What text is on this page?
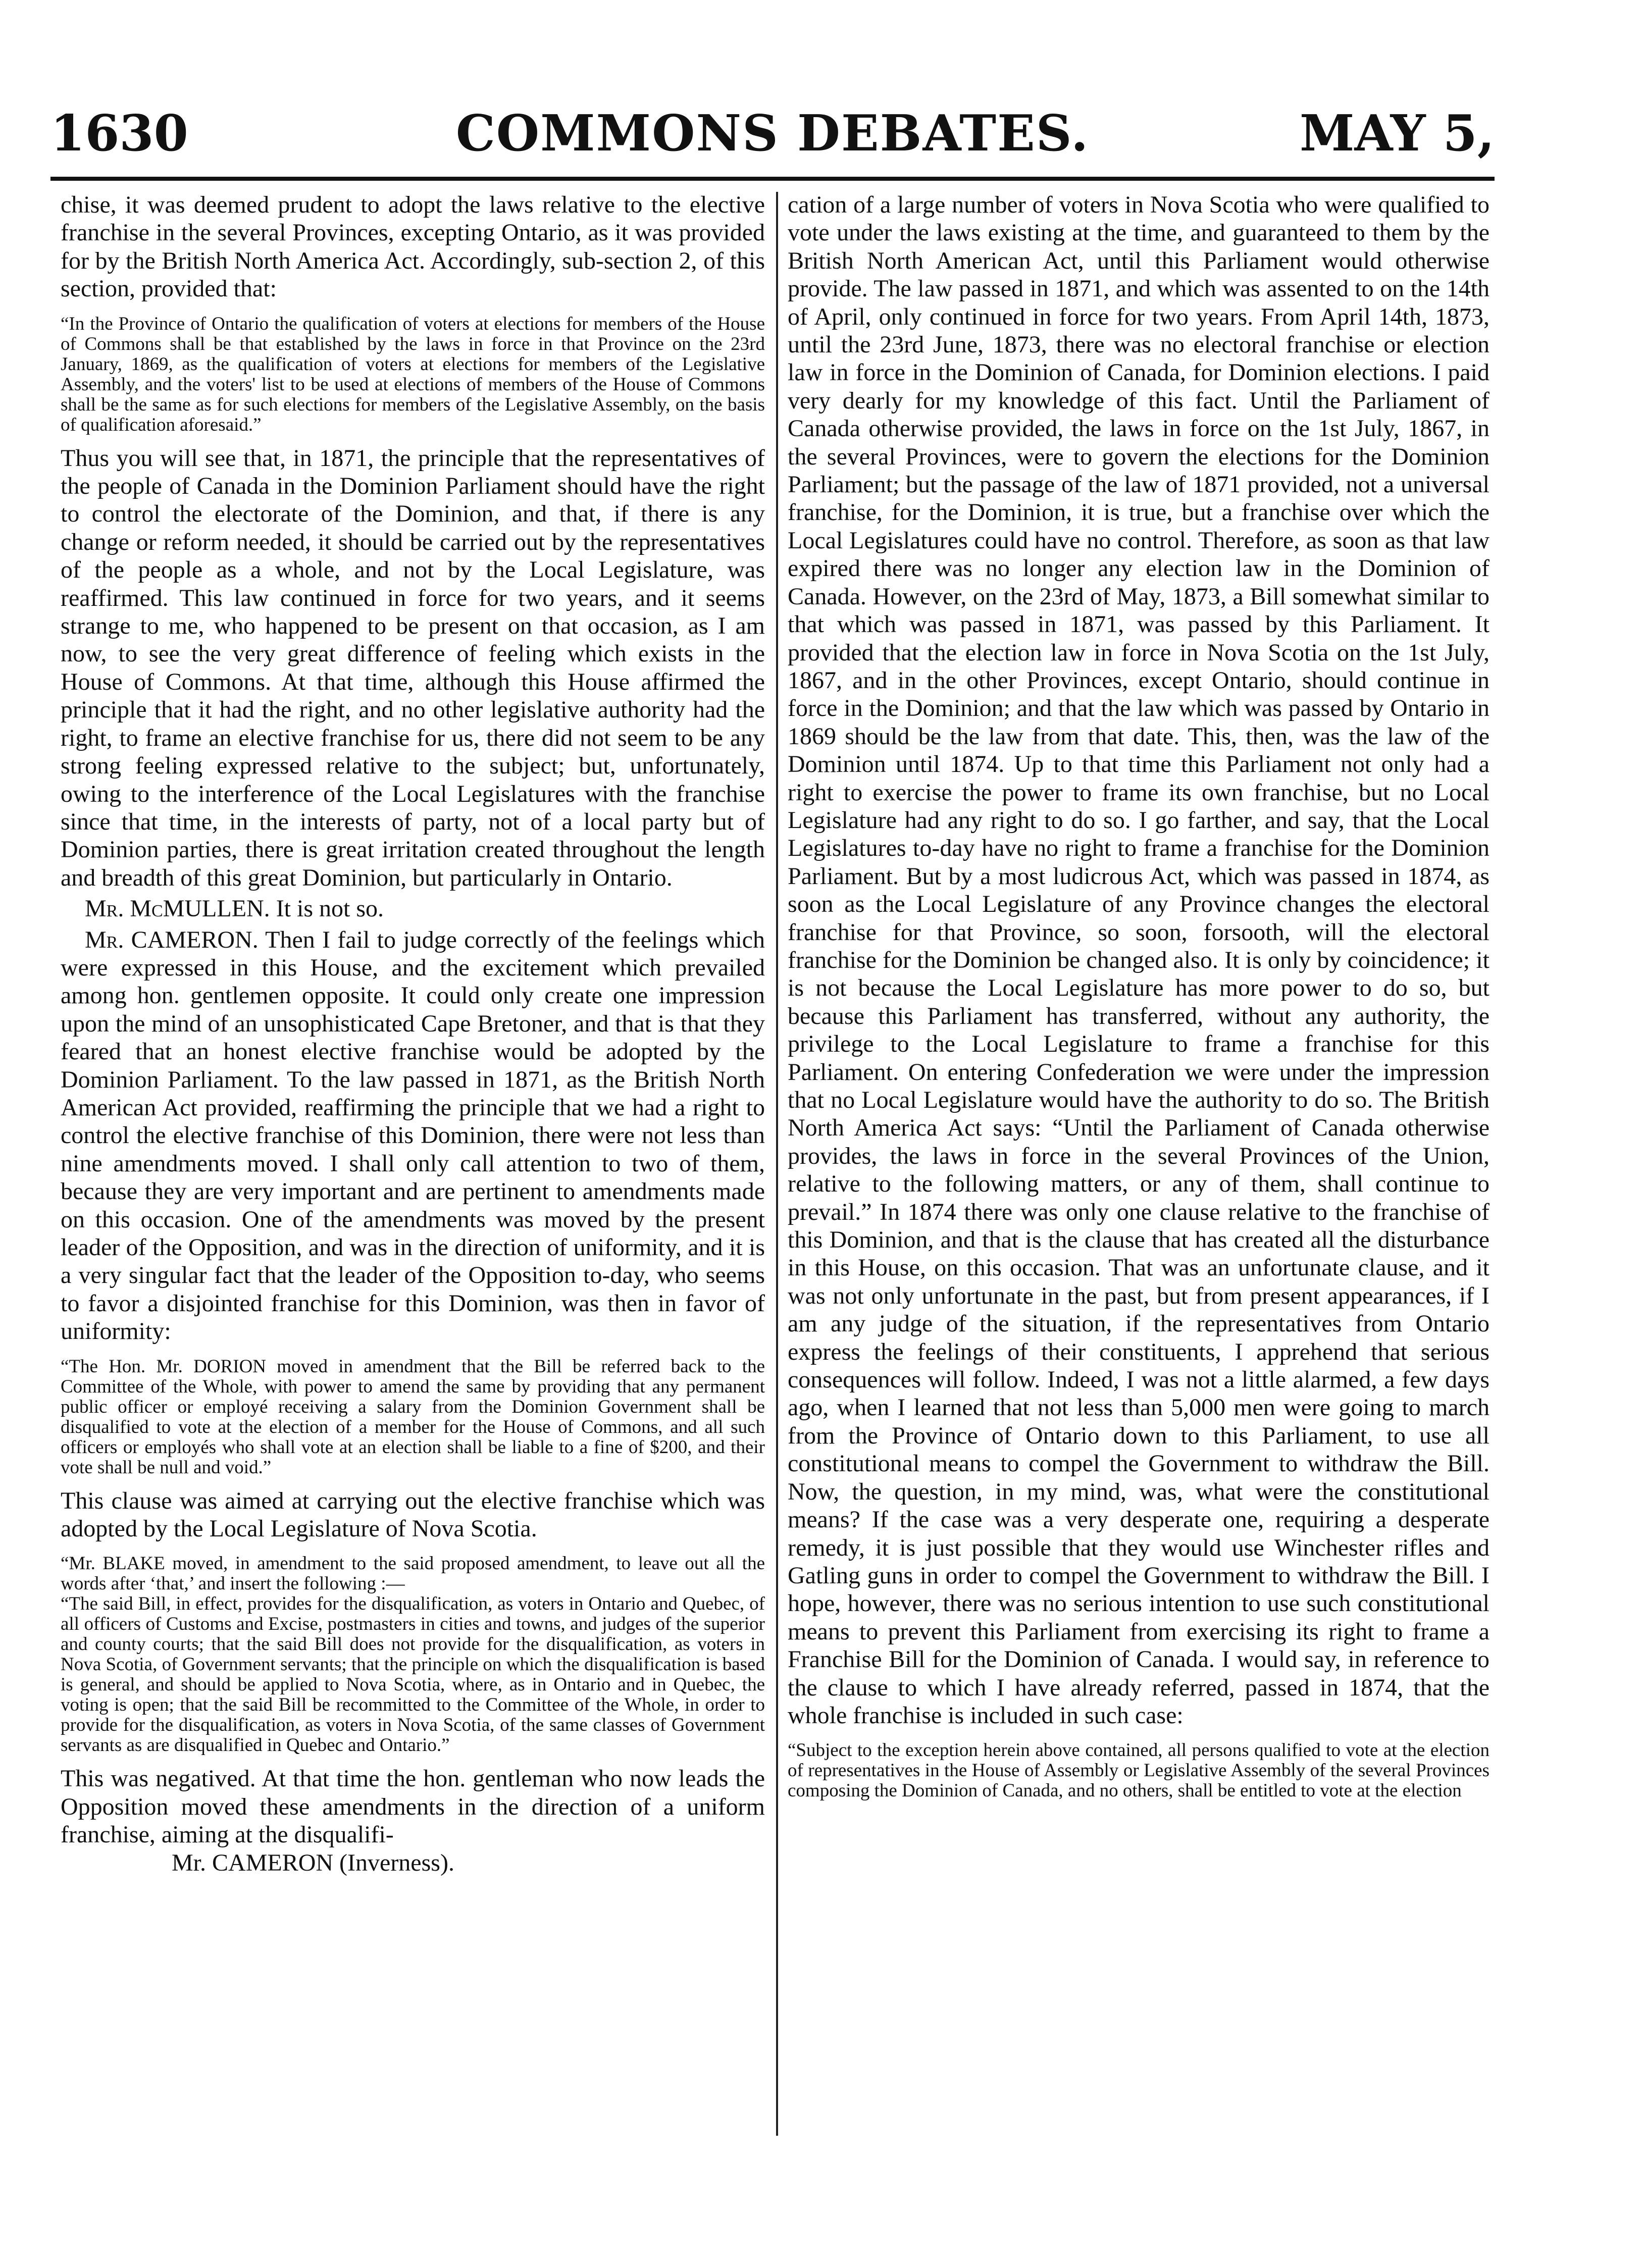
1630	COMMONS DEBATES.	MAY 5,

chise, it was deemed prudent to adopt the laws relative to the elective franchise in the several Provinces, excepting Ontario, as it was provided for by the British North America Act. Accordingly, sub-section 2, of this section, provided that:

“In the Province of Ontario the qualification of voters at elections for members of the House of Commons shall be that established by the laws in force in that Province on the 23rd January, 1869, as the qualification of voters at elections for members of the Legislative Assembly, and the voters' list to be used at elections of members of the House of Commons shall be the same as for such elections for members of the Legislative Assembly, on the basis of qualification aforesaid.”

Thus you will see that, in 1871, the principle that the representatives of the people of Canada in the Dominion Parliament should have the right to control the electorate of the Dominion, and that, if there is any change or reform needed, it should be carried out by the representatives of the people as a whole, and not by the Local Legislature, was reaffirmed. This law continued in force for two years, and it seems strange to me, who happened to be present on that occasion, as I am now, to see the very great difference of feeling which exists in the House of Commons. At that time, although this House affirmed the principle that it had the right, and no other legislative authority had the right, to frame an elective franchise for us, there did not seem to be any strong feeling expressed relative to the subject; but, unfortunately, owing to the interference of the Local Legislatures with the franchise since that time, in the interests of party, not of a local party but of Dominion parties, there is great irritation created throughout the length and breadth of this great Dominion, but particularly in Ontario.

 Mr. McMULLEN. It is not so.

 Mr. CAMERON. Then I fail to judge correctly of the feelings which were expressed in this House, and the excitement which prevailed among hon. gentlemen opposite. It could only create one impression upon the mind of an unsophisticated Cape Bretoner, and that is that they feared that an honest elective franchise would be adopted by the Dominion Parliament. To the law passed in 1871, as the British North American Act provided, reaffirming the principle that we had a right to control the elective franchise of this Dominion, there were not less than nine amendments moved. I shall only call attention to two of them, because they are very important and are pertinent to amendments made on this occasion. One of the amendments was moved by the present leader of the Opposition, and was in the direction of uniformity, and it is a very singular fact that the leader of the Opposition to-day, who seems to favor a disjointed franchise for this Dominion, was then in favor of uniformity:

“The Hon. Mr. DORION moved in amendment that the Bill be referred back to the Committee of the Whole, with power to amend the same by providing that any permanent public officer or employé receiving a salary from the Dominion Government shall be disqualified to vote at the election of a member for the House of Commons, and all such officers or employés who shall vote at an election shall be liable to a fine of $200, and their vote shall be null and void.”

This clause was aimed at carrying out the elective franchise which was adopted by the Local Legislature of Nova Scotia.

“Mr. BLAKE moved, in amendment to the said proposed amendment, to leave out all the words after ‘that,’ and insert the following :—

“The said Bill, in effect, provides for the disqualification, as voters in Ontario and Quebec, of all officers of Customs and Excise, postmasters in cities and towns, and judges of the superior and county courts; that the said Bill does not provide for the disqualification, as voters in Nova Scotia, of Government servants; that the principle on which the disqualification is based is general, and should be applied to Nova Scotia, where, as in Ontario and in Quebec, the voting is open; that the said Bill be recommitted to the Committee of the Whole, in order to provide for the disqualification, as voters in Nova Scotia, of the same classes of Government servants as are disqualified in Quebec and Ontario.”

This was negatived. At that time the hon. gentleman who now leads the Opposition moved these amendments in the direction of a uniform franchise, aiming at the disqualifi-

Mr. CAMERON (Inverness).

cation of a large number of voters in Nova Scotia who were qualified to vote under the laws existing at the time, and guaranteed to them by the British North American Act, until this Parliament would otherwise provide. The law passed in 1871, and which was assented to on the 14th of April, only continued in force for two years. From April 14th, 1873, until the 23rd June, 1873, there was no electoral franchise or election law in force in the Dominion of Canada, for Dominion elections. I paid very dearly for my knowledge of this fact. Until the Parliament of Canada otherwise provided, the laws in force on the 1st July, 1867, in the several Provinces, were to govern the elections for the Dominion Parliament; but the passage of the law of 1871 provided, not a universal franchise, for the Dominion, it is true, but a franchise over which the Local Legislatures could have no control. Therefore, as soon as that law expired there was no longer any election law in the Dominion of Canada. However, on the 23rd of May, 1873, a Bill somewhat similar to that which was passed in 1871, was passed by this Parliament. It provided that the election law in force in Nova Scotia on the 1st July, 1867, and in the other Provinces, except Ontario, should continue in force in the Dominion; and that the law which was passed by Ontario in 1869 should be the law from that date. This, then, was the law of the Dominion until 1874. Up to that time this Parliament not only had a right to exercise the power to frame its own franchise, but no Local Legislature had any right to do so. I go farther, and say, that the Local Legislatures to-day have no right to frame a franchise for the Dominion Parliament. But by a most ludicrous Act, which was passed in 1874, as soon as the Local Legislature of any Province changes the electoral franchise for that Province, so soon, forsooth, will the electoral franchise for the Dominion be changed also. It is only by coincidence; it is not because the Local Legislature has more power to do so, but because this Parliament has transferred, without any authority, the privilege to the Local Legislature to frame a franchise for this Parliament. On entering Confederation we were under the impression that no Local Legislature would have the authority to do so. The British North America Act says: “Until the Parliament of Canada otherwise provides, the laws in force in the several Provinces of the Union, relative to the following matters, or any of them, shall continue to prevail.” In 1874 there was only one clause relative to the franchise of this Dominion, and that is the clause that has created all the disturbance in this House, on this occasion. That was an unfortunate clause, and it was not only unfortunate in the past, but from present appearances, if I am any judge of the situation, if the representatives from Ontario express the feelings of their constituents, I apprehend that serious consequences will follow. Indeed, I was not a little alarmed, a few days ago, when I learned that not less than 5,000 men were going to march from the Province of Ontario down to this Parliament, to use all constitutional means to compel the Government to withdraw the Bill. Now, the question, in my mind, was, what were the constitutional means? If the case was a very desperate one, requiring a desperate remedy, it is just possible that they would use Winchester rifles and Gatling guns in order to compel the Government to withdraw the Bill. I hope, however, there was no serious intention to use such constitutional means to prevent this Parliament from exercising its right to frame a Franchise Bill for the Dominion of Canada. I would say, in reference to the clause to which I have already referred, passed in 1874, that the whole franchise is included in such case:

“Subject to the exception herein above contained, all persons qualified to vote at the election of representatives in the House of Assembly or Legislative Assembly of the several Provinces composing the Dominion of Canada, and no others, shall be entitled to vote at the election
